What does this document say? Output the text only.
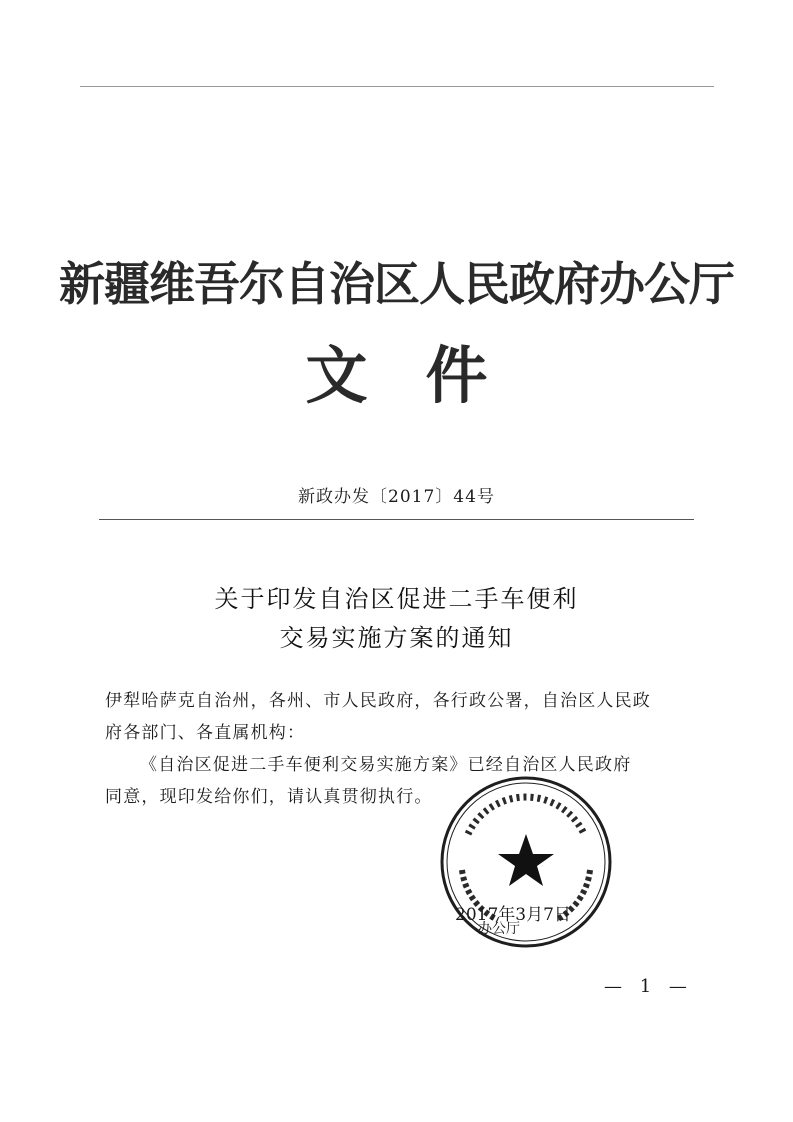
新疆维吾尔自治区人民政府办公厅
文件
新政办发〔2017〕44号
关于印发自治区促进二手车便利
交易实施方案的通知
伊犁哈萨克自治州，各州、市人民政府，各行政公署，自治区人民政
府各部门、各直属机构：
《自治区促进二手车便利交易实施方案》已经自治区人民政府
同意，现印发给你们，请认真贯彻执行。
2017年3月7日
办公厅
— 1 —
